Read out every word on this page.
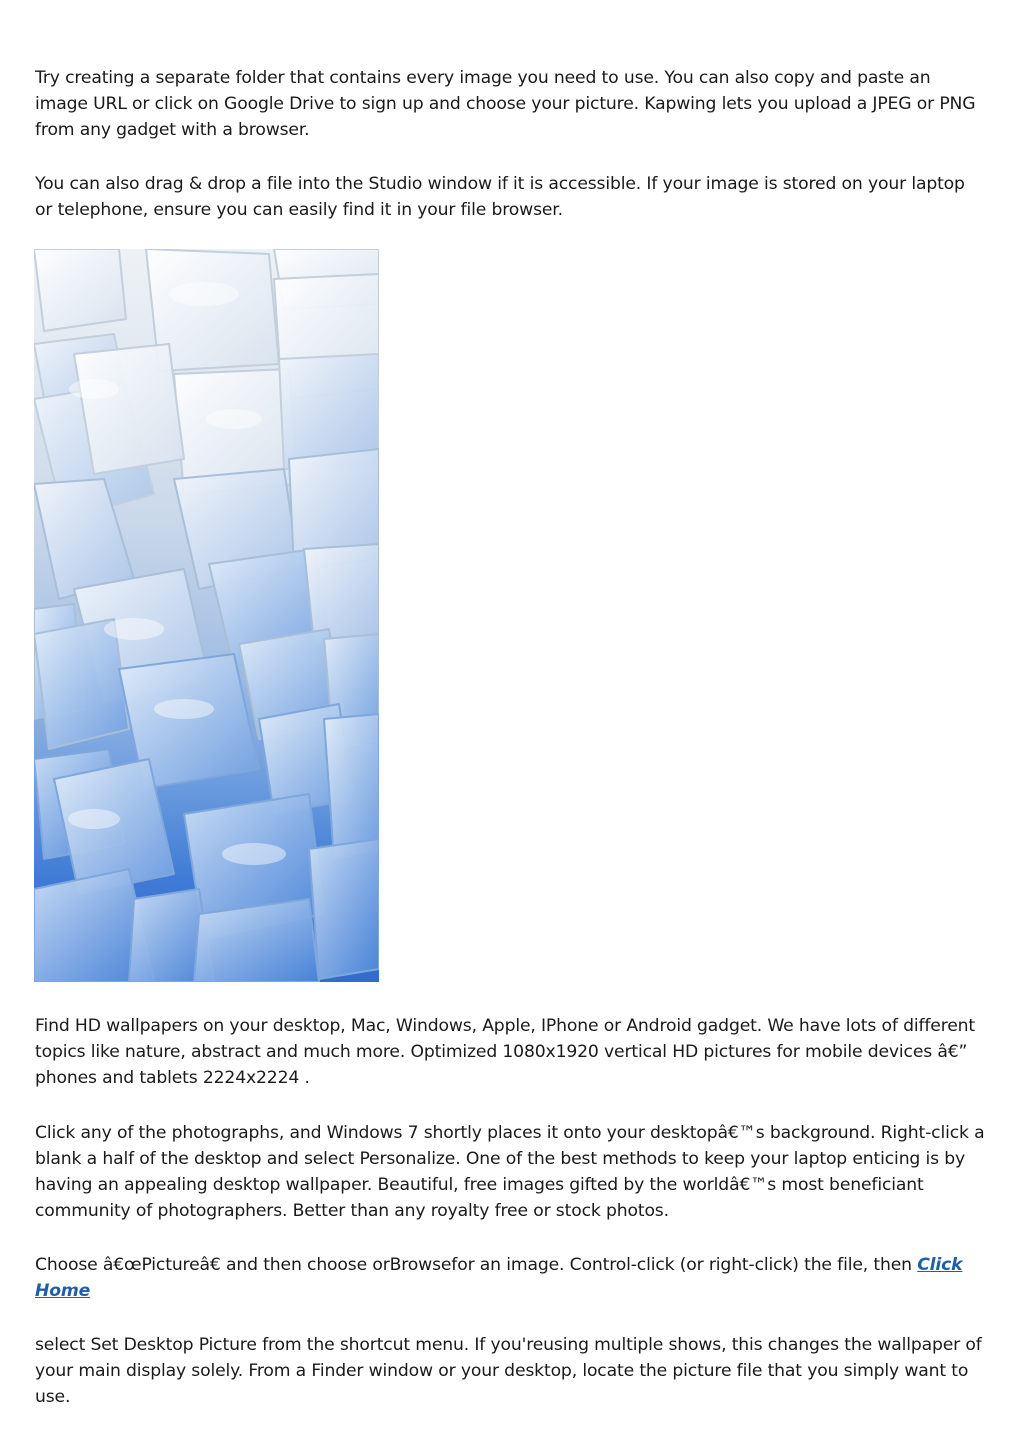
Try creating a separate folder that contains every image you need to use. You can also copy and paste an image URL or click on Google Drive to sign up and choose your picture. Kapwing lets you upload a JPEG or PNG from any gadget with a browser.

You can also drag & drop a file into the Studio window if it is accessible. If your image is stored on your laptop or telephone, ensure you can easily find it in your file browser.

Find HD wallpapers on your desktop, Mac, Windows, Apple, IPhone or Android gadget. We have lots of different topics like nature, abstract and much more. Optimized 1080x1920 vertical HD pictures for mobile devices â€” phones and tablets 2224x2224 .

Click any of the photographs, and Windows 7 shortly places it onto your desktopâ€™s background. Right-click a blank a half of the desktop and select Personalize. One of the best methods to keep your laptop enticing is by having an appealing desktop wallpaper. Beautiful, free images gifted by the worldâ€™s most beneficiant community of photographers. Better than any royalty free or stock photos.

Choose â€œPictureâ€ and then choose orBrowsefor an image. Control-click (or right-click) the file, then Click Home

select Set Desktop Picture from the shortcut menu. If you'reusing multiple shows, this changes the wallpaper of your main display solely. From a Finder window or your desktop, locate the picture file that you simply want to use.
